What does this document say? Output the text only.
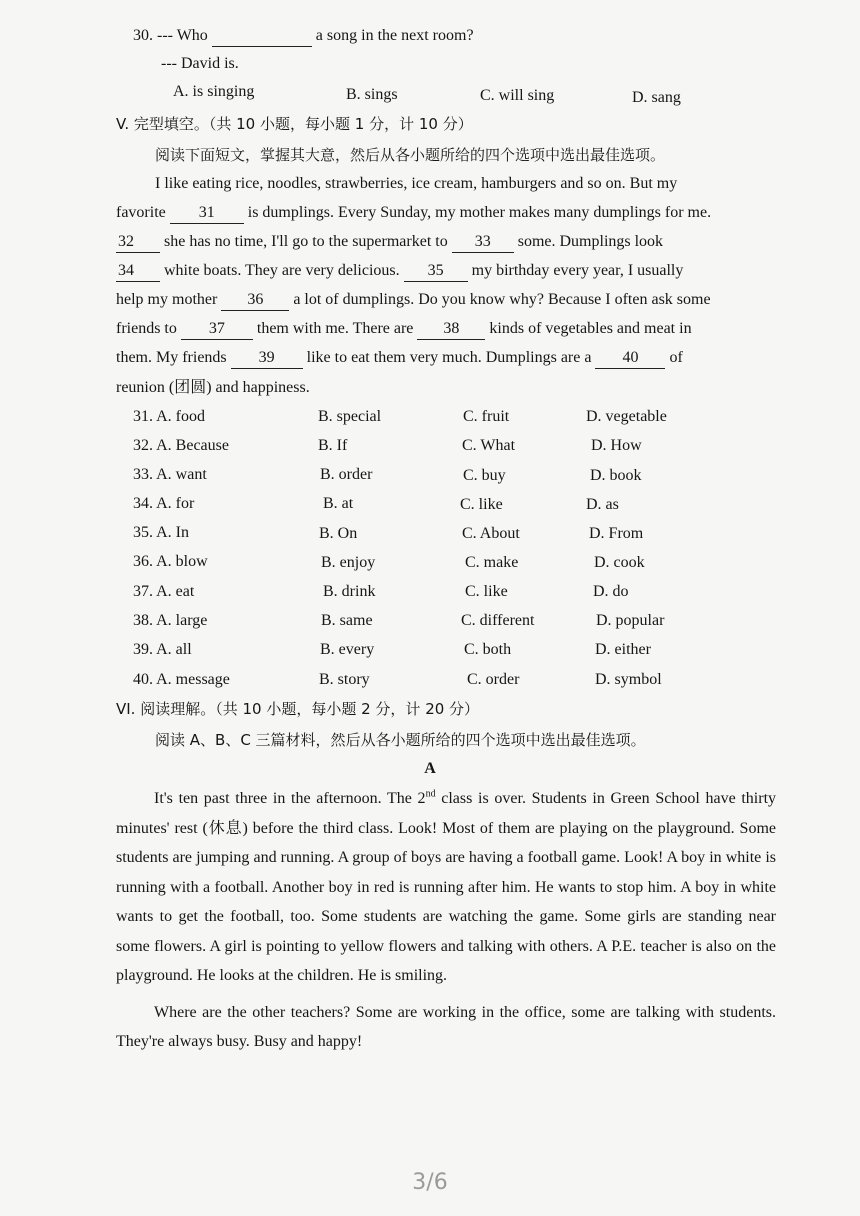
30. --- Who	a song in the next room?
--- David is.
A. is singing	B. sings	C. will sing	D. sang
V. 完型填空。（共 10 小题，每小题 1 分，计 10 分）
阅读下面短文，掌握其大意，然后从各小题所给的四个选项中选出最佳选项。
I like eating rice, noodles, strawberries, ice cream, hamburgers and so on. But my
favorite 31 is dumplings. Every Sunday, my mother makes many dumplings for me.
32 she has no time, I'll go to the supermarket to 33 some. Dumplings look
34 white boats. They are very delicious. 35 my birthday every year, I usually
help my mother 36 a lot of dumplings. Do you know why? Because I often ask some
friends to 37 them with me. There are 38 kinds of vegetables and meat in
them. My friends 39 like to eat them very much. Dumplings are a 40 of
reunion (团圆) and happiness.
31. A. food	B. special	C. fruit	D. vegetable
32. A. Because	B. If	C. What	D. How
33. A. want	B. order	C. buy	D. book
34. A. for	B. at	C. like	D. as
35. A. In	B. On	C. About	D. From
36. A. blow	B. enjoy	C. make	D. cook
37. A. eat	B. drink	C. like	D. do
38. A. large	B. same	C. different	D. popular
39. A. all	B. every	C. both	D. either
40. A. message	B. story	C. order	D. symbol
VI. 阅读理解。（共 10 小题，每小题 2 分，计 20 分）
阅读 A、B、C 三篇材料，然后从各小题所给的四个选项中选出最佳选项。
A

It's ten past three in the afternoon. The 2nd class is over. Students in Green School have thirty minutes' rest (休息) before the third class. Look! Most of them are playing on the playground. Some students are jumping and running. A group of boys are having a football game. Look! A boy in white is running with a football. Another boy in red is running after him. He wants to stop him. A boy in white wants to get the football, too. Some students are watching the game. Some girls are standing near some flowers. A girl is pointing to yellow flowers and talking with others. A P.E. teacher is also on the playground. He looks at the children. He is smiling.

Where are the other teachers? Some are working in the office, some are talking with students. They're always busy. Busy and happy!

3/6
